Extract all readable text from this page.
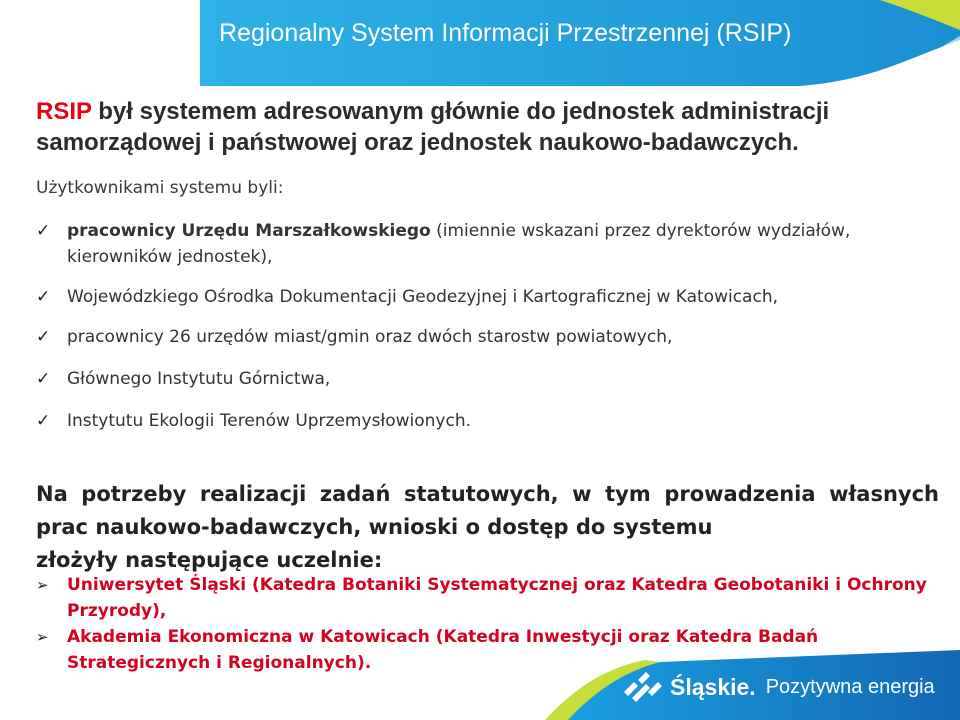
Regionalny System Informacji Przestrzennej (RSIP)

RSIP był systemem adresowanym głównie do jednostek administracji samorządowej i państwowej oraz jednostek naukowo-badawczych.

Użytkownikami systemu byli:

✓ pracownicy Urzędu Marszałkowskiego (imiennie wskazani przez dyrektorów wydziałów, kierowników jednostek),
✓ Wojewódzkiego Ośrodka Dokumentacji Geodezyjnej i Kartograficznej w Katowicach,
✓ pracownicy 26 urzędów miast/gmin oraz dwóch starostw powiatowych,
✓ Głównego Instytutu Górnictwa,
✓ Instytutu Ekologii Terenów Uprzemysłowionych.

Na potrzeby realizacji zadań statutowych, w tym prowadzenia własnych prac naukowo-badawczych, wnioski o dostęp do systemu
złożyły następujące uczelnie:

➢ Uniwersytet Śląski (Katedra Botaniki Systematycznej oraz Katedra Geobotaniki i Ochrony Przyrody),
➢ Akademia Ekonomiczna w Katowicach (Katedra Inwestycji oraz Katedra Badań Strategicznych i Regionalnych).
Śląskie. Pozytywna energia
